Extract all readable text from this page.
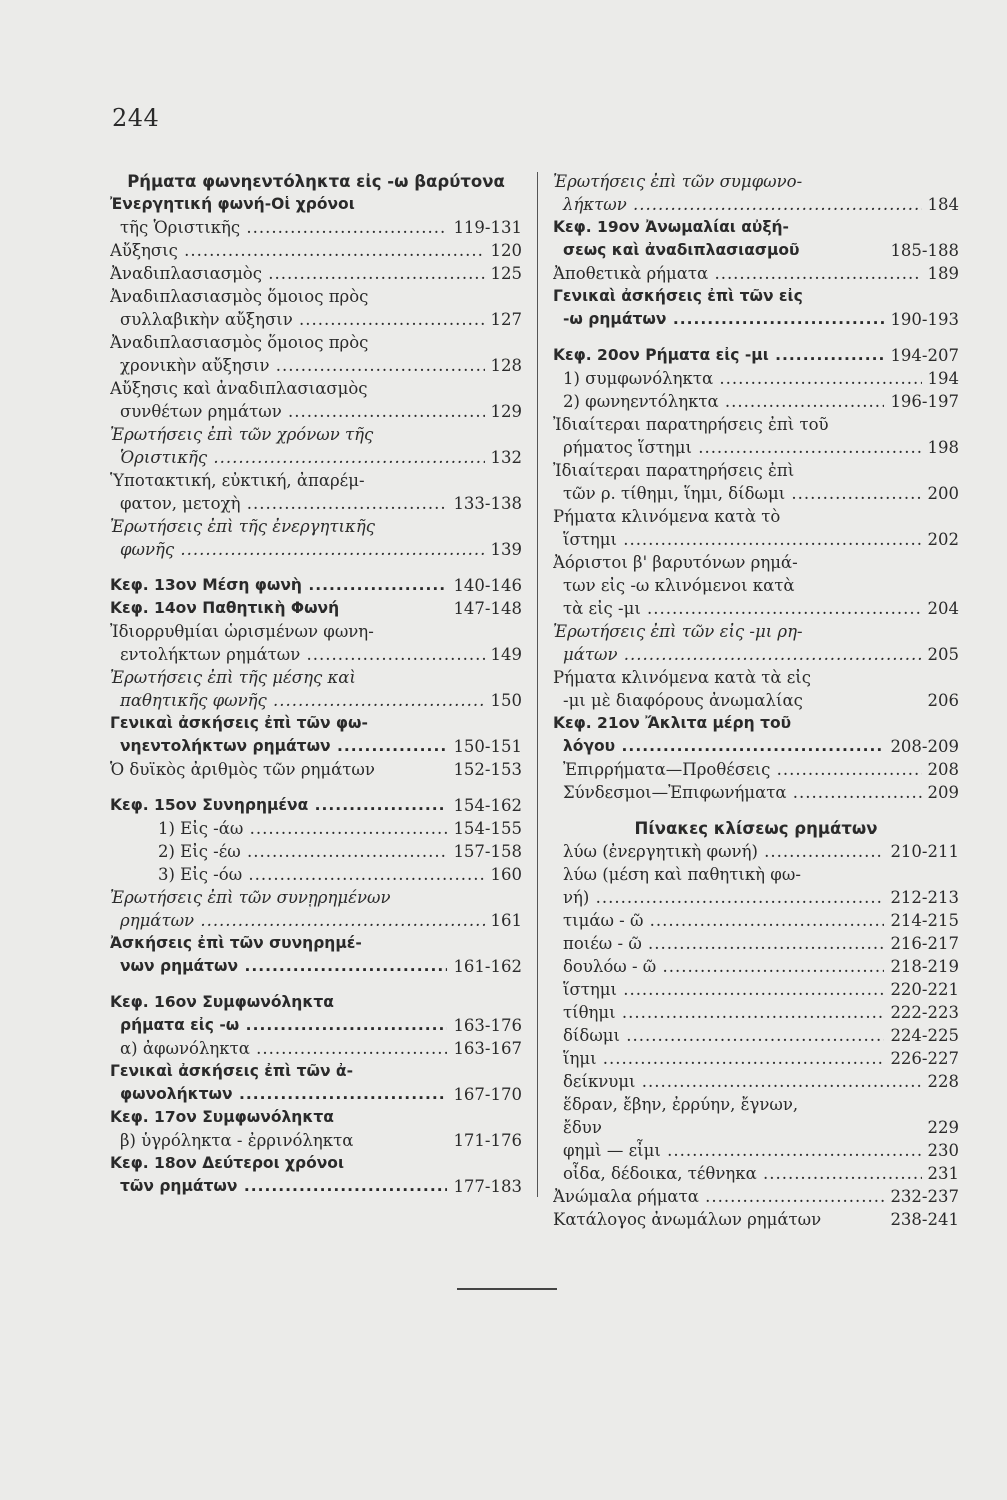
244
Ρήματα φωνηεντόληκτα εἰς -ω βαρύτονα
Ἐνεργητική φωνή-Οἱ χρόνοι
τῆς Ὁριστικῆς .....	119-131
Αὔξησις .....	120
Ἀναδιπλασιασμὸς .....	125
Ἀναδιπλασιασμὸς ὅμοιος πρὸς
συλλαβικὴν αὔξησιν .....	127
Ἀναδιπλασιασμὸς ὅμοιος πρὸς
χρονικὴν αὔξησιν .....	128
Αὔξησις καὶ ἀναδιπλασιασμὸς
συνθέτων ρημάτων .....	129
Ἐρωτήσεις ἐπὶ τῶν χρόνων τῆς
Ὁριστικῆς .....	132
Ὑποτακτική, εὐκτική, ἀπαρέμ-
φατον, μετοχὴ .....	133-138
Ἐρωτήσεις ἐπὶ τῆς ἐνεργητικῆς
φωνῆς .....	139
Κεφ. 13ον Μέση φωνὴ .....	140-146
Κεφ. 14ον Παθητικὴ Φωνή	147-148
Ἰδιορρυθμίαι ὡρισμένων φωνη-
εντολήκτων ρημάτων .....	149
Ἐρωτήσεις ἐπὶ τῆς μέσης καὶ
παθητικῆς φωνῆς .....	150
Γενικαὶ ἀσκήσεις ἐπὶ τῶν φω-
νηεντολήκτων ρημάτων .....	150-151
Ὁ δυϊκὸς ἀριθμὸς τῶν ρημάτων	152-153
Κεφ. 15ον Συνηρημένα .....	154-162
1) Εἰς -άω .....	154-155
2) Εἰς -έω .....	157-158
3) Εἰς -όω .....	160
Ἐρωτήσεις ἐπὶ τῶν συνῃρημένων
ρημάτων .....	161
Ἀσκήσεις ἐπὶ τῶν συνηρημέ-
νων ρημάτων .....	161-162
Κεφ. 16ον Συμφωνόληκτα
ρήματα εἰς -ω .....	163-176
α) ἀφωνόληκτα .....	163-167
Γενικαὶ ἀσκήσεις ἐπὶ τῶν ἀ-
φωνολήκτων .....	167-170
Κεφ. 17ον Συμφωνόληκτα
β) ὑγρόληκτα - ἐρρινόληκτα	171-176
Κεφ. 18ον Δεύτεροι χρόνοι
τῶν ρημάτων .....	177-183
Ἐρωτήσεις ἐπὶ τῶν συμφωνο-
λήκτων .....	184
Κεφ. 19ον Ἀνωμαλίαι αὐξή-
σεως καὶ ἀναδιπλασιασμοῦ	185-188
Ἀποθετικὰ ρήματα .....	189
Γενικαὶ ἀσκήσεις ἐπὶ τῶν εἰς
-ω ρημάτων .....	190-193
Κεφ. 20ον Ρήματα εἰς -μι .....	194-207
1) συμφωνόληκτα .....	194
2) φωνηεντόληκτα .....	196-197
Ἰδιαίτεραι παρατηρήσεις ἐπὶ τοῦ
ρήματος ἵστημι .....	198
Ἰδιαίτεραι παρατηρήσεις ἐπὶ
τῶν ρ. τίθημι, ἵημι, δίδωμι .....	200
Ρήματα κλινόμενα κατὰ τὸ
ἵστημι .....	202
Ἀόριστοι β' βαρυτόνων ρημά-
των εἰς -ω κλινόμενοι κατὰ
τὰ εἰς -μι .....	204
Ἐρωτήσεις ἐπὶ τῶν εἰς -μι ρη-
μάτων .....	205
Ρήματα κλινόμενα κατὰ τὰ εἰς
-μι μὲ διαφόρους ἀνωμαλίας	206
Κεφ. 21ον Ἄκλιτα μέρη τοῦ
λόγου .....	208-209
Ἐπιρρήματα—Προθέσεις .....	208
Σύνδεσμοι—Ἐπιφωνήματα .....	209
Πίνακες κλίσεως ρημάτων
λύω (ἐνεργητικὴ φωνή) .....	210-211
λύω (μέση καὶ παθητικὴ φω-
νή) .....	212-213
τιμάω - ῶ .....	214-215
ποιέω - ῶ .....	216-217
δουλόω - ῶ .....	218-219
ἵστημι .....	220-221
τίθημι .....	222-223
δίδωμι .....	224-225
ἵημι .....	226-227
δείκνυμι .....	228
ἕδραν, ἔβην, ἐρρύην, ἔγνων,
ἔδυν	229
φημὶ — εἶμι .....	230
οἶδα, δέδοικα, τέθνηκα .....	231
Ἀνώμαλα ρήματα .....	232-237
Κατάλογος ἀνωμάλων ρημάτων	238-241
